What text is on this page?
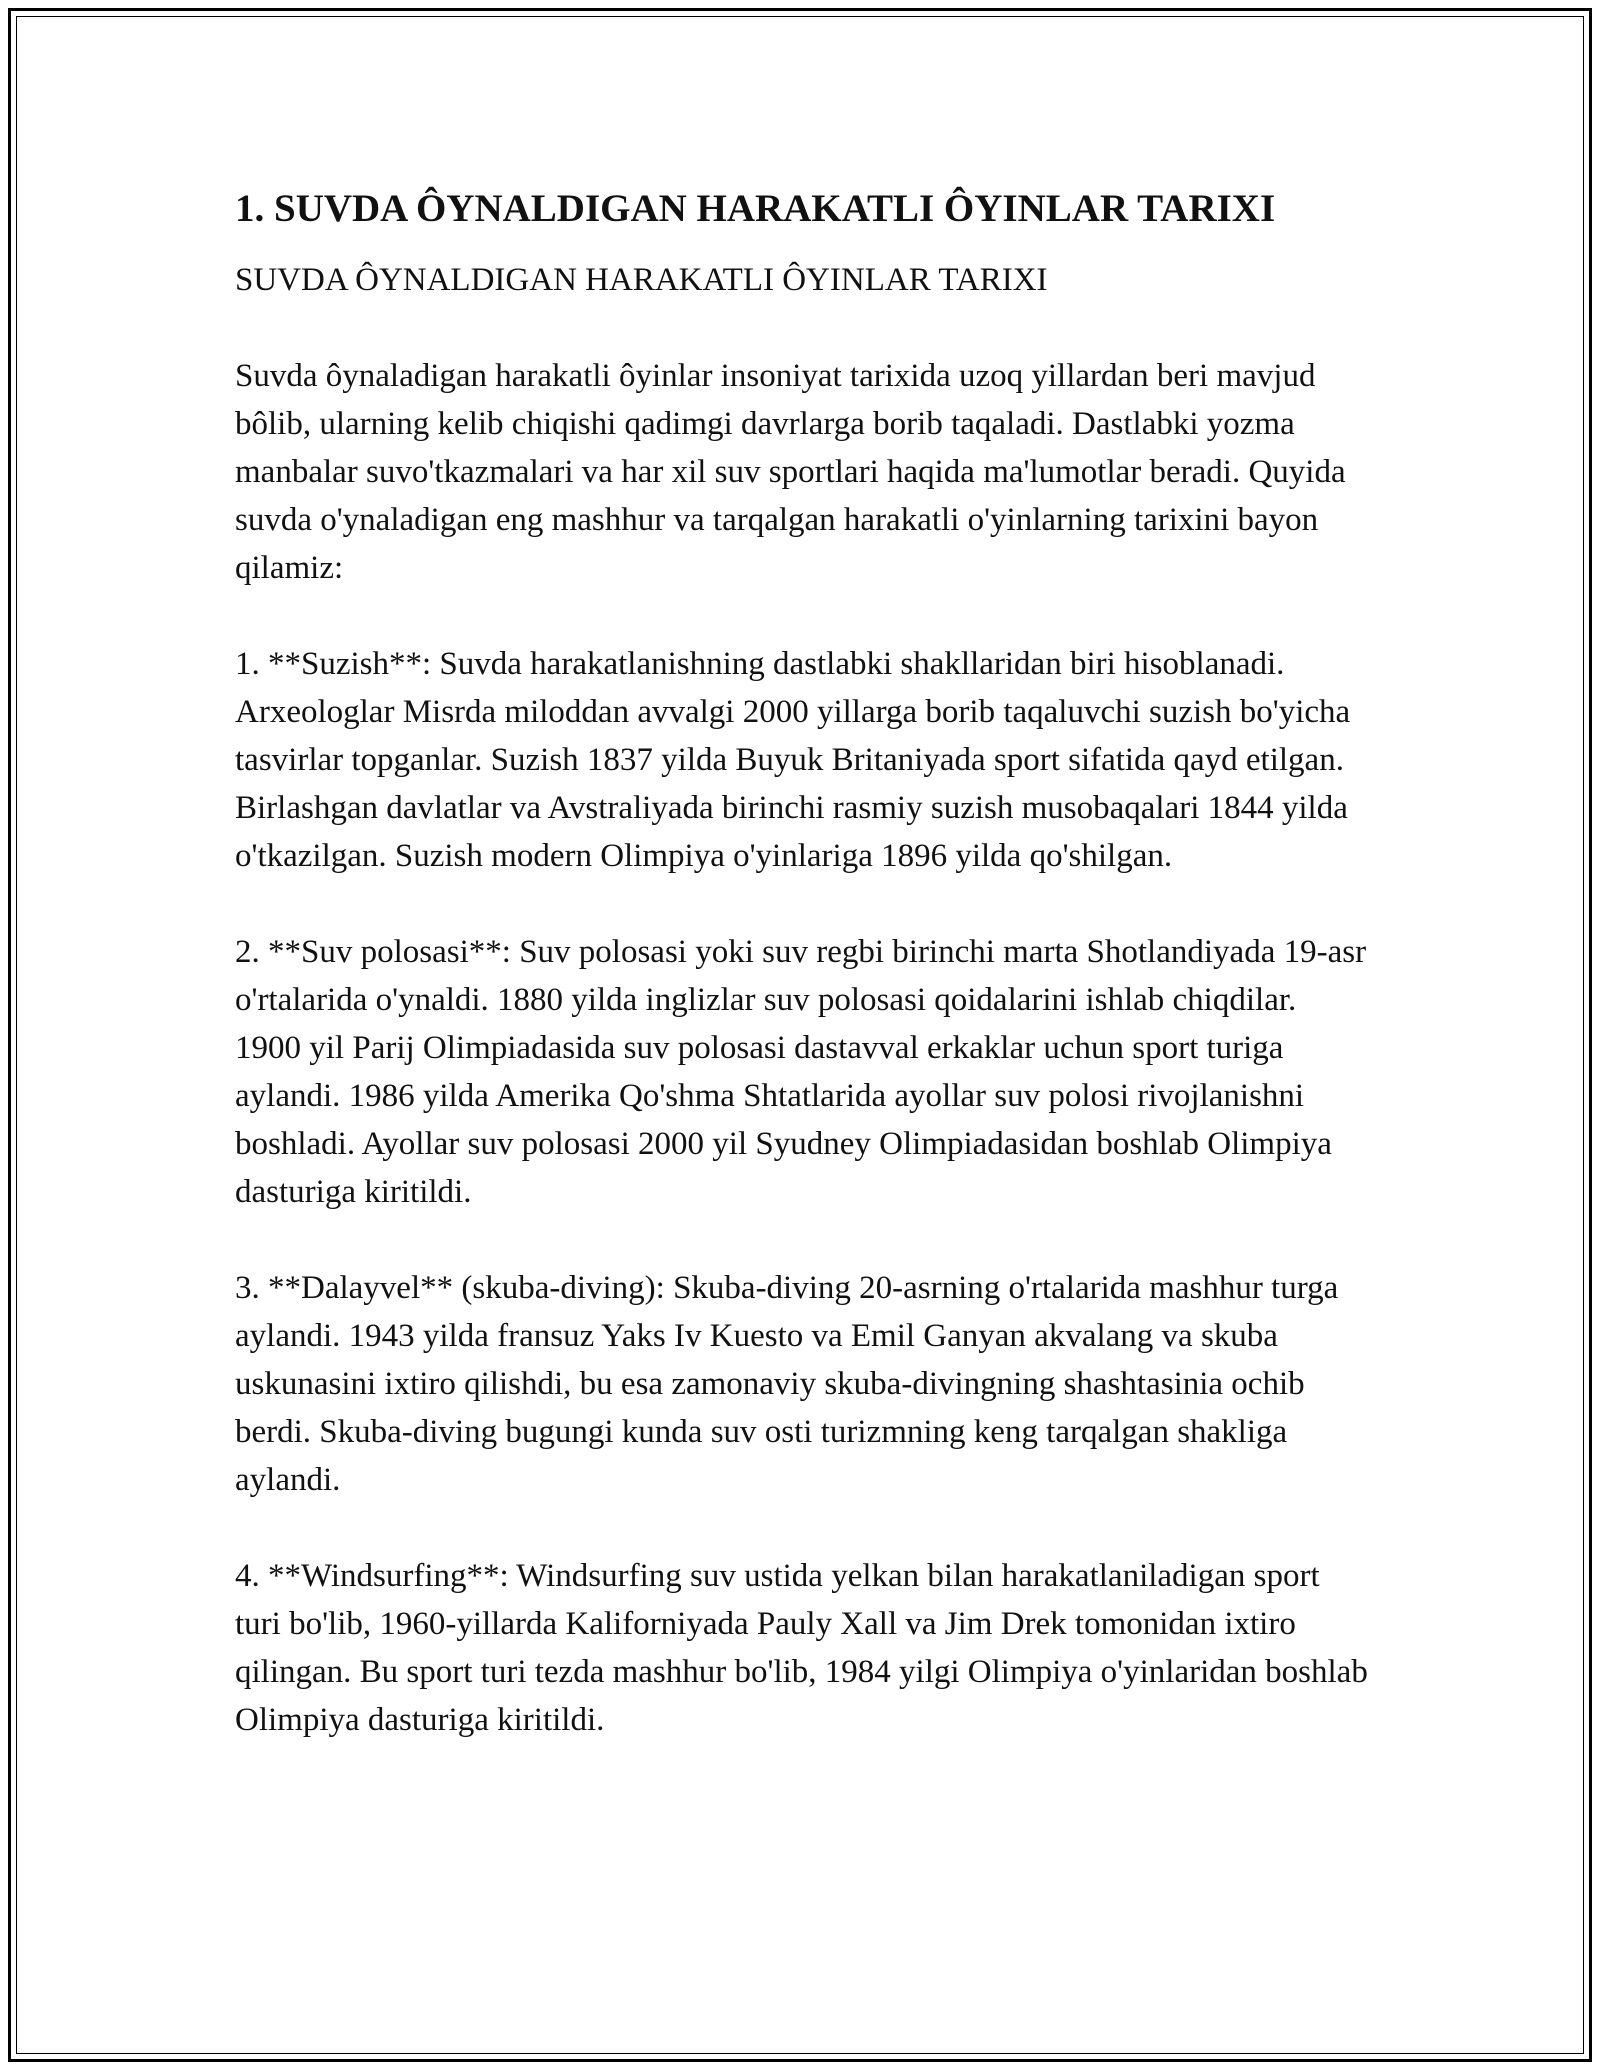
1. SUVDA ÔYNALDIGAN HARAKATLI ÔYINLAR TARIXI
SUVDA ÔYNALDIGAN HARAKATLI ÔYINLAR TARIXI

Suvda ôynaladigan harakatli ôyinlar insoniyat tarixida uzoq yillardan beri mavjud bôlib, ularning kelib chiqishi qadimgi davrlarga borib taqaladi. Dastlabki yozma manbalar suvo'tkazmalari va har xil suv sportlari haqida ma'lumotlar beradi. Quyida suvda o'ynaladigan eng mashhur va tarqalgan harakatli o'yinlarning tarixini bayon qilamiz:

1. **Suzish**: Suvda harakatlanishning dastlabki shakllaridan biri hisoblanadi. Arxeologlar Misrda miloddan avvalgi 2000 yillarga borib taqaluvchi suzish bo'yicha tasvirlar topganlar. Suzish 1837 yilda Buyuk Britaniyada sport sifatida qayd etilgan. Birlashgan davlatlar va Avstraliyada birinchi rasmiy suzish musobaqalari 1844 yilda o'tkazilgan. Suzish modern Olimpiya o'yinlariga 1896 yilda qo'shilgan.

2. **Suv polosasi**: Suv polosasi yoki suv regbi birinchi marta Shotlandiyada 19-asr o'rtalarida o'ynaldi. 1880 yilda inglizlar suv polosasi qoidalarini ishlab chiqdilar. 1900 yil Parij Olimpiadasida suv polosasi dastavval erkaklar uchun sport turiga aylandi. 1986 yilda Amerika Qo'shma Shtatlarida ayollar suv polosi rivojlanishni boshladi. Ayollar suv polosasi 2000 yil Syudney Olimpiadasidan boshlab Olimpiya dasturiga kiritildi.

3. **Dalayvel** (skuba-diving): Skuba-diving 20-asrning o'rtalarida mashhur turga aylandi. 1943 yilda fransuz Yaks Iv Kuesto va Emil Ganyan akvalang va skuba uskunasini ixtiro qilishdi, bu esa zamonaviy skuba-divingning shashtasinia ochib berdi. Skuba-diving bugungi kunda suv osti turizmning keng tarqalgan shakliga aylandi.

4. **Windsurfing**: Windsurfing suv ustida yelkan bilan harakatlaniladigan sport turi bo'lib, 1960-yillarda Kaliforniyada Pauly Xall va Jim Drek tomonidan ixtiro qilingan. Bu sport turi tezda mashhur bo'lib, 1984 yilgi Olimpiya o'yinlaridan boshlab Olimpiya dasturiga kiritildi.
